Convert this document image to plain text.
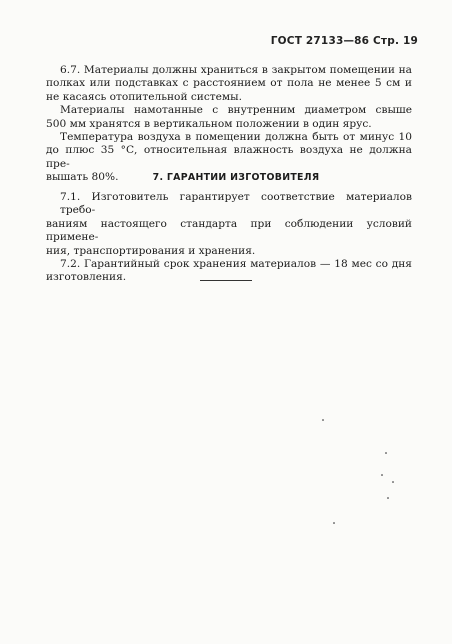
ГОСТ 27133—86 Стр. 19

6.7. Материалы должны храниться в закрытом помещении на
полках или подставках с расстоянием от пола не менее 5 см и
не касаясь отопительной системы.

Материалы намотанные с внутренним диаметром свыше
500 мм хранятся в вертикальном положении в один ярус.

Температура воздуха в помещении должна быть от минус 10
до плюс 35 °С, относительная влажность воздуха не должна пре-
вышать 80%.	7. ГАРАНТИИ ИЗГОТОВИТЕЛЯ

7.1. Изготовитель гарантирует соответствие материалов требо-
ваниям настоящего стандарта при соблюдении условий примене-
ния, транспортирования и хранения.

7.2. Гарантийный срок хранения материалов — 18 мес со дня
изготовления.
